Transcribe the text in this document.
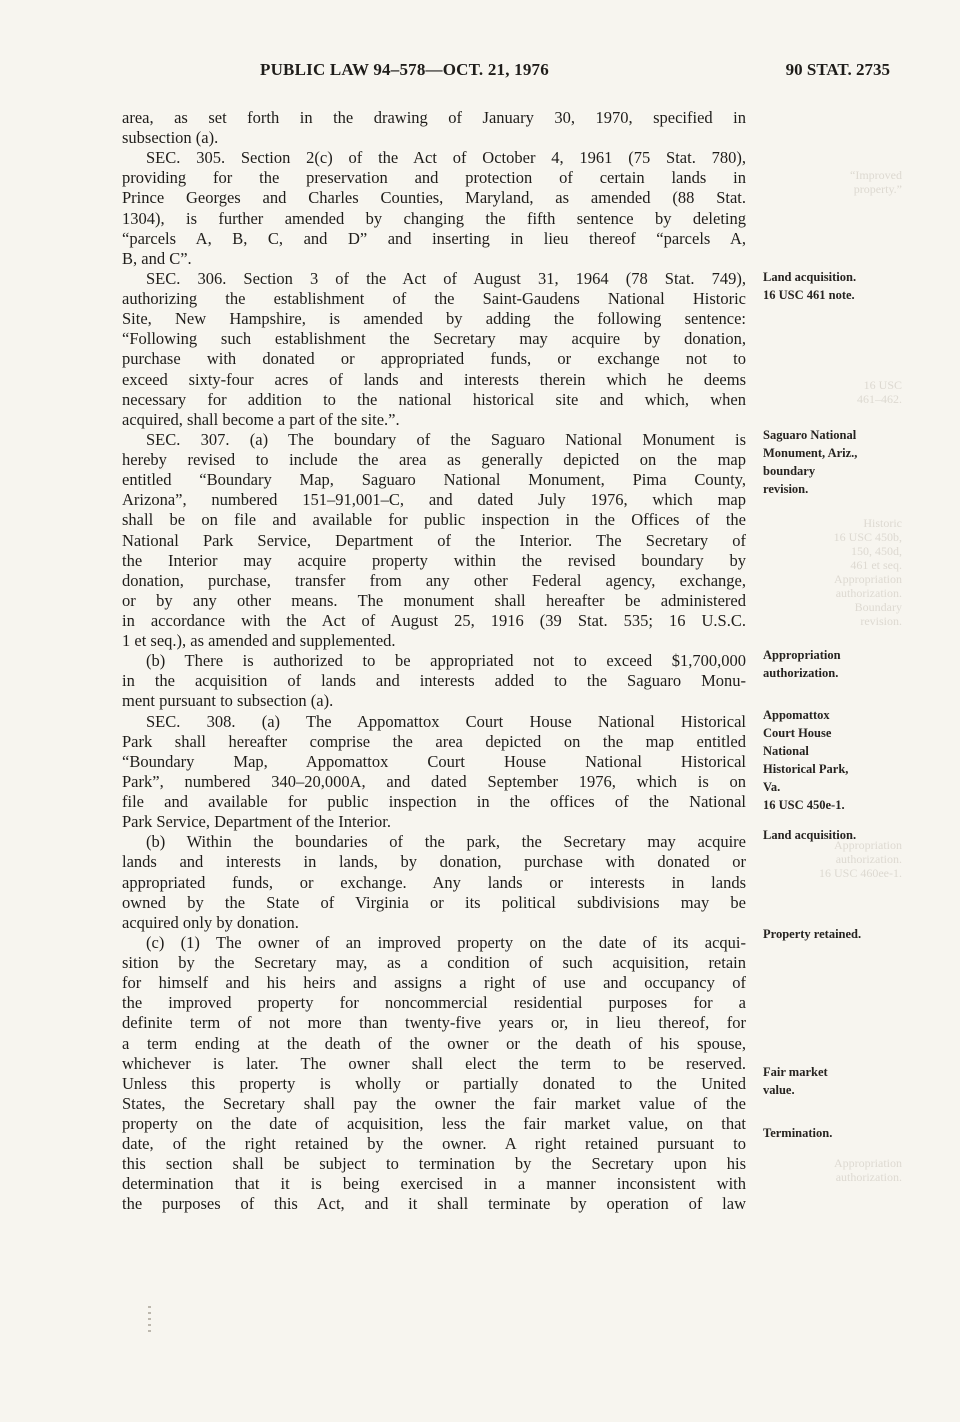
PUBLIC LAW 94–578—OCT. 21, 1976	90 STAT. 2735
area, as set forth in the drawing of January 30, 1970, specified in
subsection (a).
SEC. 305. Section 2(c) of the Act of October 4, 1961 (75 Stat. 780),
providing for the preservation and protection of certain lands in
Prince Georges and Charles Counties, Maryland, as amended (88 Stat.
1304), is further amended by changing the fifth sentence by deleting
“parcels A, B, C, and D” and inserting in lieu thereof “parcels A,
B, and C”.
SEC. 306. Section 3 of the Act of August 31, 1964 (78 Stat. 749),
authorizing the establishment of the Saint-Gaudens National Historic
Site, New Hampshire, is amended by adding the following sentence:
“Following such establishment the Secretary may acquire by donation,
purchase with donated or appropriated funds, or exchange not to
exceed sixty-four acres of lands and interests therein which he deems
necessary for addition to the national historical site and which, when
acquired, shall become a part of the site.”.
SEC. 307. (a) The boundary of the Saguaro National Monument is
hereby revised to include the area as generally depicted on the map
entitled “Boundary Map, Saguaro National Monument, Pima County,
Arizona”, numbered 151–91,001–C, and dated July 1976, which map
shall be on file and available for public inspection in the Offices of the
National Park Service, Department of the Interior. The Secretary of
the Interior may acquire property within the revised boundary by
donation, purchase, transfer from any other Federal agency, exchange,
or by any other means. The monument shall hereafter be administered
in accordance with the Act of August 25, 1916 (39 Stat. 535; 16 U.S.C.
1 et seq.), as amended and supplemented.
(b) There is authorized to be appropriated not to exceed $1,700,000
in the acquisition of lands and interests added to the Saguaro Monu-
ment pursuant to subsection (a).
SEC. 308. (a) The Appomattox Court House National Historical
Park shall hereafter comprise the area depicted on the map entitled
“Boundary Map, Appomattox Court House National Historical
Park”, numbered 340–20,000A, and dated September 1976, which is on
file and available for public inspection in the offices of the National
Park Service, Department of the Interior.
(b) Within the boundaries of the park, the Secretary may acquire
lands and interests in lands, by donation, purchase with donated or
appropriated funds, or exchange. Any lands or interests in lands
owned by the State of Virginia or its political subdivisions may be
acquired only by donation.
(c) (1) The owner of an improved property on the date of its acqui-
sition by the Secretary may, as a condition of such acquisition, retain
for himself and his heirs and assigns a right of use and occupancy of
the improved property for noncommercial residential purposes for a
definite term of not more than twenty-five years or, in lieu thereof, for
a term ending at the death of the owner or the death of his spouse,
whichever is later. The owner shall elect the term to be reserved.
Unless this property is wholly or partially donated to the United
States, the Secretary shall pay the owner the fair market value of the
property on the date of acquisition, less the fair market value, on that
date, of the right retained by the owner. A right retained pursuant to
this section shall be subject to termination by the Secretary upon his
determination that it is being exercised in a manner inconsistent with
the purposes of this Act, and it shall terminate by operation of law
Land acquisition.
16 USC 461 note.
Saguaro National
Monument, Ariz.,
boundary
revision.
Appropriation
authorization.
Appomattox
Court House
National
Historical Park,
Va.
16 USC 450e-1.
Land acquisition.
Property retained.
Fair market
value.
Termination.
“Improved
property.”
16 USC
461–462.
Historic
16 USC 450b,
150, 450d,
461 et seq.
Appropriation
authorization.
Boundary
revision.
Appropriation
authorization.
16 USC 460ee-1.
Appropriation
authorization.
